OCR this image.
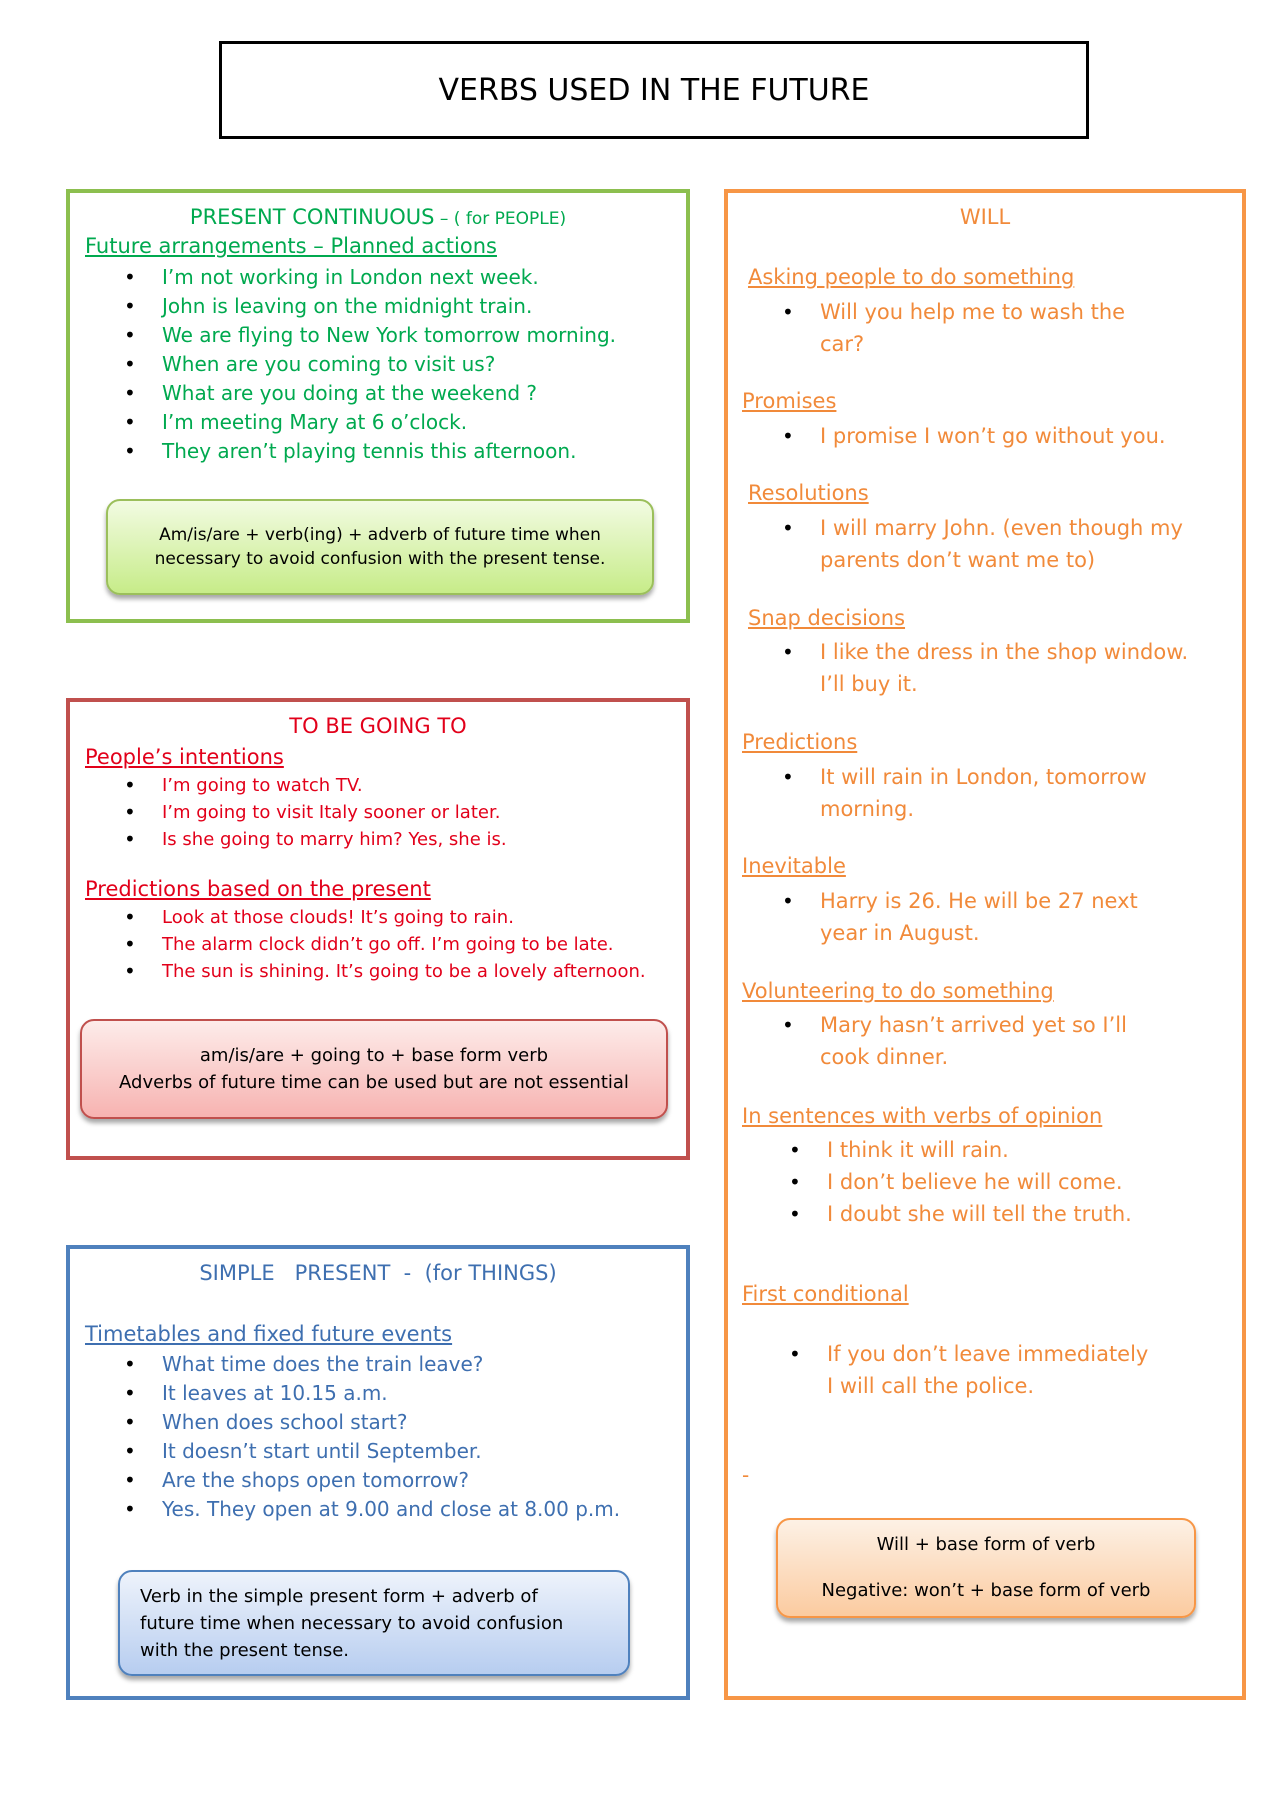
VERBS USED IN THE FUTURE
PRESENT CONTINUOUS – ( for PEOPLE)
Future arrangements – Planned actions
• I’m not working in London next week.
• John is leaving on the midnight train.
• We are flying to New York tomorrow morning.
• When are you coming to visit us?
• What are you doing at the weekend ?
• I’m meeting Mary at 6 o’clock.
• They aren’t playing tennis this afternoon.
Am/is/are + verb(ing) + adverb of future time when
necessary to avoid confusion with the present tense.
TO BE GOING TO
People’s intentions
• I’m going to watch TV.
• I’m going to visit Italy sooner or later.
• Is she going to marry him? Yes, she is.
Predictions based on the present
• Look at those clouds! It’s going to rain.
• The alarm clock didn’t go off. I’m going to be late.
• The sun is shining. It’s going to be a lovely afternoon.
am/is/are + going to + base form verb
Adverbs of future time can be used but are not essential
SIMPLE   PRESENT  -  (for THINGS)
Timetables and fixed future events
• What time does the train leave?
• It leaves at 10.15 a.m.
• When does school start?
• It doesn’t start until September.
• Are the shops open tomorrow?
• Yes. They open at 9.00 and close at 8.00 p.m.
Verb in the simple present form + adverb of
future time when necessary to avoid confusion
with the present tense.
WILL
Asking people to do something
• Will you help me to wash the
car?
Promises
• I promise I won’t go without you.
Resolutions
• I will marry John. (even though my
parents don’t want me to)
Snap decisions
• I like the dress in the shop window.
I’ll buy it.
Predictions
• It will rain in London, tomorrow
morning.
Inevitable
• Harry is 26. He will be 27 next
year in August.
Volunteering to do something
• Mary hasn’t arrived yet so I’ll
cook dinner.
In sentences with verbs of opinion
• I think it will rain.
• I don’t believe he will come.
• I doubt she will tell the truth.
First conditional
• If you don’t leave immediately
I will call the police.
-
Will + base form of verb
Negative: won’t + base form of verb
